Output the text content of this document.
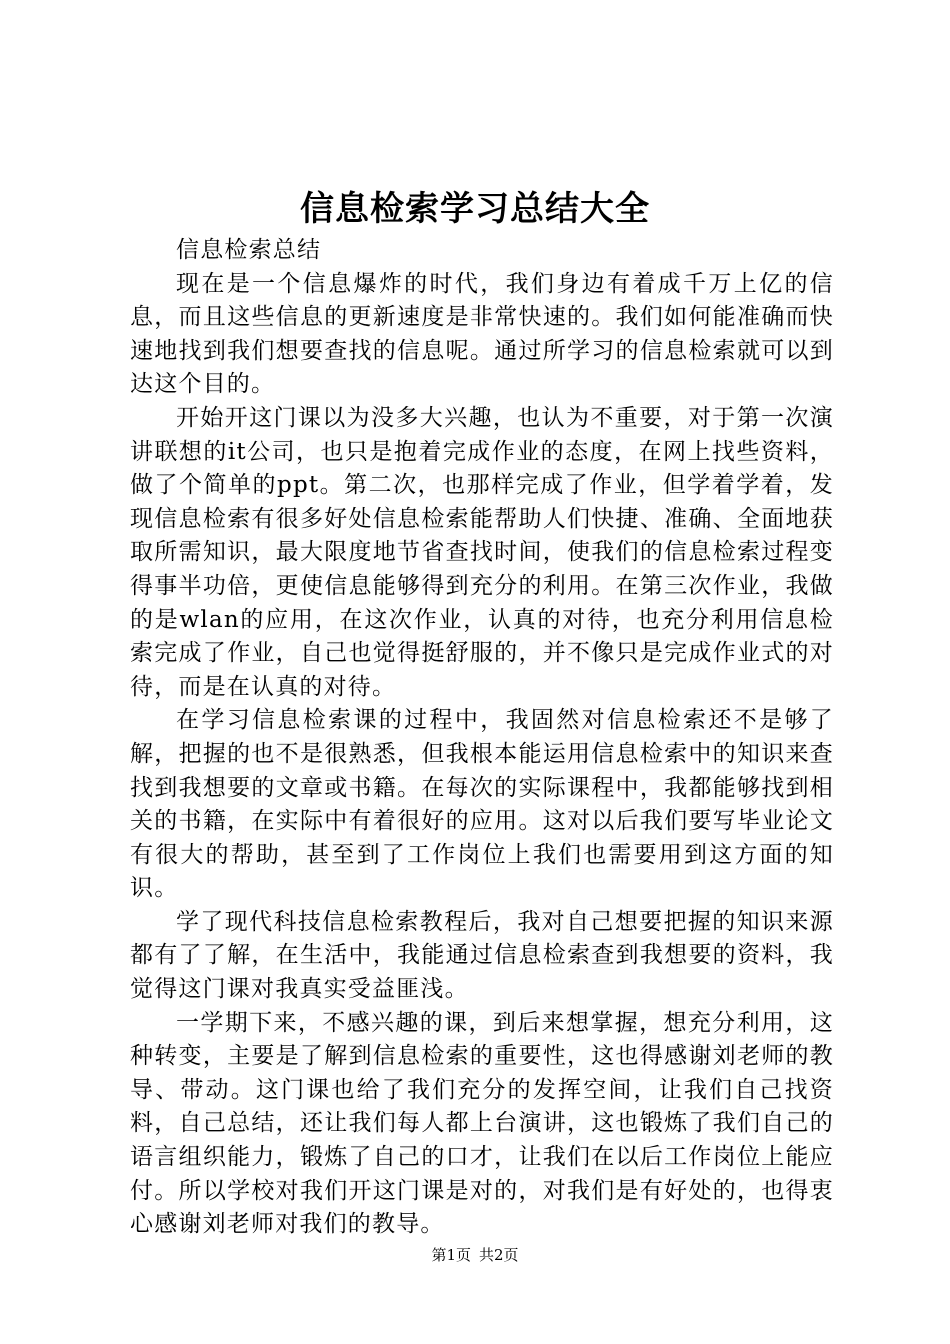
信息检索学习总结大全

信息检索总结

现在是一个信息爆炸的时代，我们身边有着成千万上亿的信息，而且这些信息的更新速度是非常快速的。我们如何能准确而快速地找到我们想要查找的信息呢。通过所学习的信息检索就可以到达这个目的。

开始开这门课以为没多大兴趣，也认为不重要，对于第一次演讲联想的it公司，也只是抱着完成作业的态度，在网上找些资料，做了个简单的ppt。第二次，也那样完成了作业，但学着学着，发现信息检索有很多好处信息检索能帮助人们快捷、准确、全面地获取所需知识，最大限度地节省查找时间，使我们的信息检索过程变得事半功倍，更使信息能够得到充分的利用。在第三次作业，我做的是wlan的应用，在这次作业，认真的对待，也充分利用信息检索完成了作业，自己也觉得挺舒服的，并不像只是完成作业式的对待，而是在认真的对待。

在学习信息检索课的过程中，我固然对信息检索还不是够了解，把握的也不是很熟悉，但我根本能运用信息检索中的知识来查找到我想要的文章或书籍。在每次的实际课程中，我都能够找到相关的书籍，在实际中有着很好的应用。这对以后我们要写毕业论文有很大的帮助，甚至到了工作岗位上我们也需要用到这方面的知识。

学了现代科技信息检索教程后，我对自己想要把握的知识来源都有了了解，在生活中，我能通过信息检索查到我想要的资料，我觉得这门课对我真实受益匪浅。

一学期下来，不感兴趣的课，到后来想掌握，想充分利用，这种转变，主要是了解到信息检索的重要性，这也得感谢刘老师的教导、带动。这门课也给了我们充分的发挥空间，让我们自己找资料，自己总结，还让我们每人都上台演讲，这也锻炼了我们自己的语言组织能力，锻炼了自己的口才，让我们在以后工作岗位上能应付。所以学校对我们开这门课是对的，对我们是有好处的，也得衷心感谢刘老师对我们的教导。

第1页 共2页
